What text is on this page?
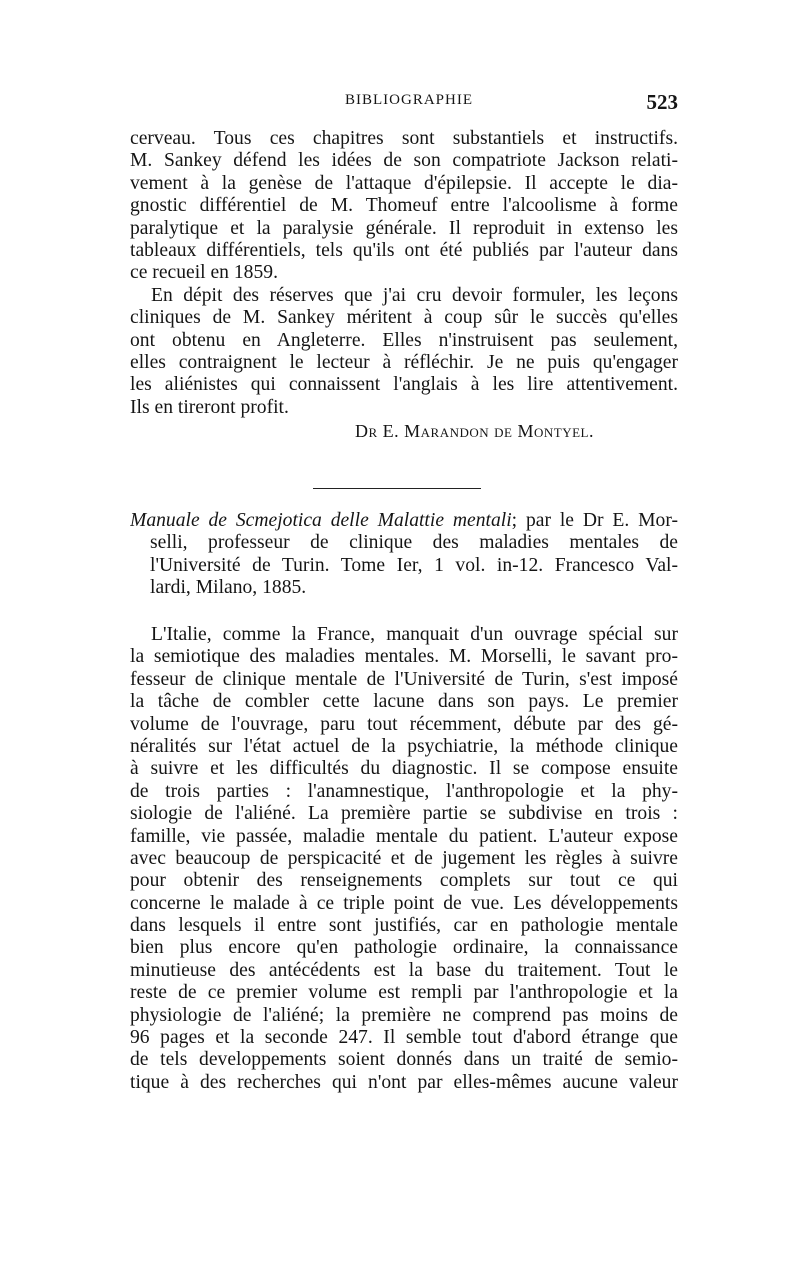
BIBLIOGRAPHIE	523
cerveau. Tous ces chapitres sont substantiels et instructifs.
M. Sankey défend les idées de son compatriote Jackson relati-
vement à la genèse de l'attaque d'épilepsie. Il accepte le dia-
gnostic différentiel de M. Thomeuf entre l'alcoolisme à forme
paralytique et la paralysie générale. Il reproduit in extenso les
tableaux différentiels, tels qu'ils ont été publiés par l'auteur dans
ce recueil en 1859.
En dépit des réserves que j'ai cru devoir formuler, les leçons
cliniques de M. Sankey méritent à coup sûr le succès qu'elles
ont obtenu en Angleterre. Elles n'instruisent pas seulement,
elles contraignent le lecteur à réfléchir. Je ne puis qu'engager
les aliénistes qui connaissent l'anglais à les lire attentivement.
Ils en tireront profit.
Dr E. Marandon de Montyel.
Manuale de Scmejotica delle Malattie mentali; par le Dr E. Mor-
selli, professeur de clinique des maladies mentales de
l'Université de Turin. Tome Ier, 1 vol. in-12. Francesco Val-
lardi, Milano, 1885.
L'Italie, comme la France, manquait d'un ouvrage spécial sur
la semiotique des maladies mentales. M. Morselli, le savant pro-
fesseur de clinique mentale de l'Université de Turin, s'est imposé
la tâche de combler cette lacune dans son pays. Le premier
volume de l'ouvrage, paru tout récemment, débute par des gé-
néralités sur l'état actuel de la psychiatrie, la méthode clinique
à suivre et les difficultés du diagnostic. Il se compose ensuite
de trois parties : l'anamnestique, l'anthropologie et la phy-
siologie de l'aliéné. La première partie se subdivise en trois :
famille, vie passée, maladie mentale du patient. L'auteur expose
avec beaucoup de perspicacité et de jugement les règles à suivre
pour obtenir des renseignements complets sur tout ce qui
concerne le malade à ce triple point de vue. Les développements
dans lesquels il entre sont justifiés, car en pathologie mentale
bien plus encore qu'en pathologie ordinaire, la connaissance
minutieuse des antécédents est la base du traitement. Tout le
reste de ce premier volume est rempli par l'anthropologie et la
physiologie de l'aliéné; la première ne comprend pas moins de
96 pages et la seconde 247. Il semble tout d'abord étrange que
de tels developpements soient donnés dans un traité de semio-
tique à des recherches qui n'ont par elles-mêmes aucune valeur
